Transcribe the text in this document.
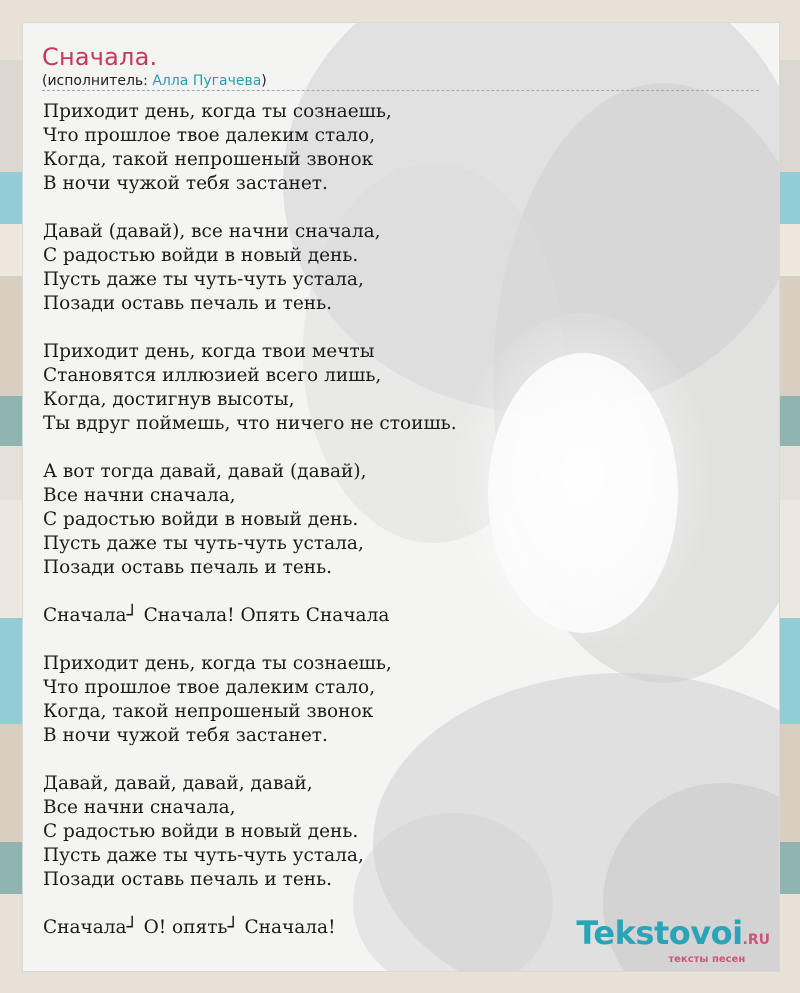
Сначала.
(исполнитель: Алла Пугачева)
Приходит день, когда ты сознаешь,
Что прошлое твое далеким стало,
Когда, такой непрошеный звонок
В ночи чужой тебя застанет.
Давай (давай), все начни сначала,
С радостью войди в новый день.
Пусть даже ты чуть-чуть устала,
Позади оставь печаль и тень.
Приходит день, когда твои мечты
Становятся иллюзией всего лишь,
Когда, достигнув высоты,
Ты вдруг поймешь, что ничего не стоишь.
А вот тогда давай, давай (давай),
Все начни сначала,
С радостью войди в новый день.
Пусть даже ты чуть-чуть устала,
Позади оставь печаль и тень.
Сначала┘ Сначала! Опять Сначала
Приходит день, когда ты сознаешь,
Что прошлое твое далеким стало,
Когда, такой непрошеный звонок
В ночи чужой тебя застанет.
Давай, давай, давай, давай,
Все начни сначала,
С радостью войди в новый день.
Пусть даже ты чуть-чуть устала,
Позади оставь печаль и тень.
Сначала┘ О! опять┘ Сначала!	Tekstovoi.RU
тексты песен
